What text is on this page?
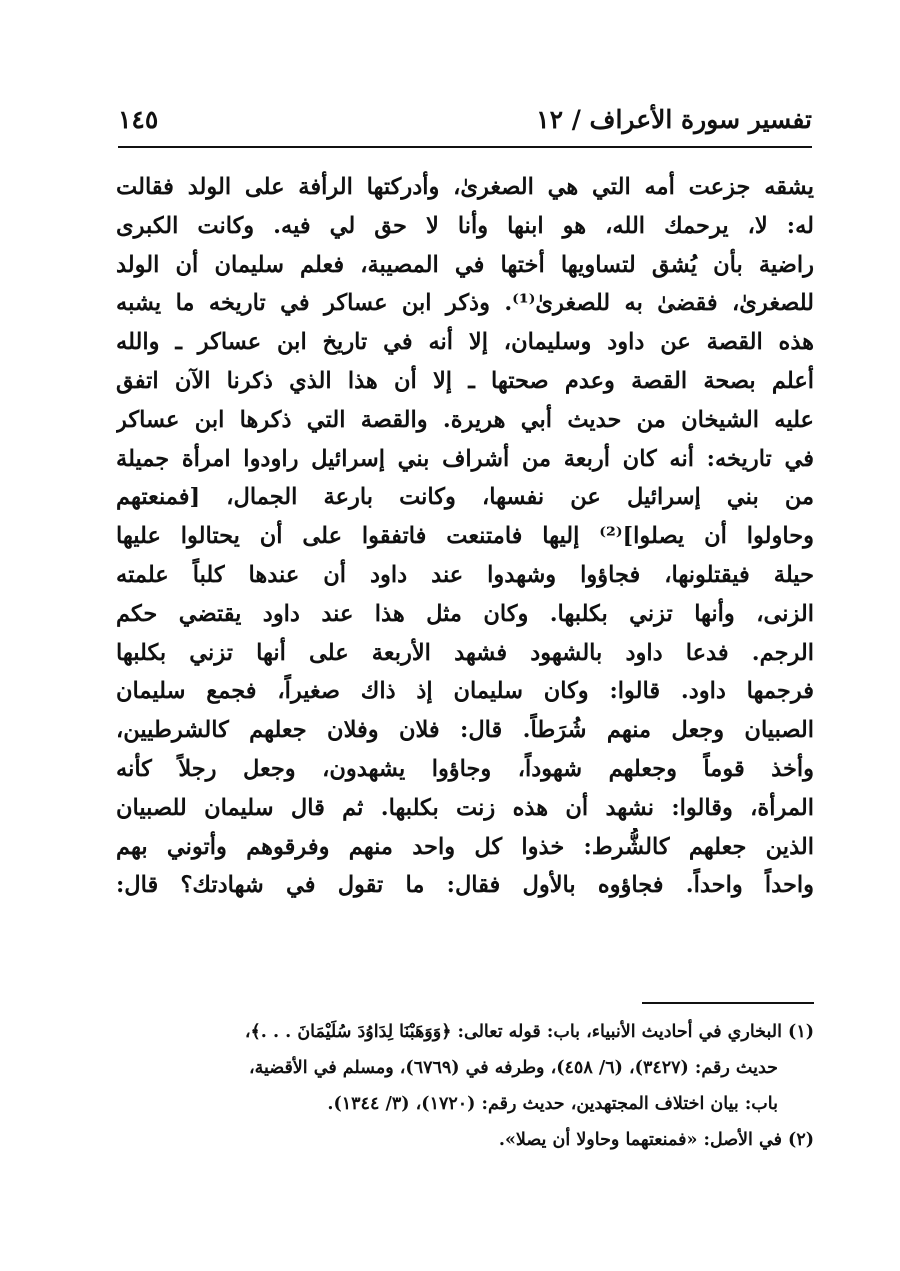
تفسير سورة الأعراف / ١٢
١٤٥
يشقه جزعت أمه التي هي الصغرىٰ، وأدركتها الرأفة على الولد فقالت
له: لا، يرحمك الله، هو ابنها وأنا لا حق لي فيه. وكانت الكبرى
راضية بأن يُشق لتساويها أختها في المصيبة، فعلم سليمان أن الولد
للصغرىٰ، فقضىٰ به للصغرىٰ⁽¹⁾. وذكر ابن عساكر في تاريخه ما يشبه
هذه القصة عن داود وسليمان، إلا أنه في تاريخ ابن عساكر ـ والله
أعلم بصحة القصة وعدم صحتها ـ إلا أن هذا الذي ذكرنا الآن اتفق
عليه الشيخان من حديث أبي هريرة. والقصة التي ذكرها ابن عساكر
في تاريخه: أنه كان أربعة من أشراف بني إسرائيل راودوا امرأة جميلة
من بني إسرائيل عن نفسها، وكانت بارعة الجمال، [فمنعتهم
وحاولوا أن يصلوا]⁽²⁾ إليها فامتنعت فاتفقوا على أن يحتالوا عليها
حيلة فيقتلونها، فجاؤوا وشهدوا عند داود أن عندها كلباً علمته
الزنى، وأنها تزني بكلبها. وكان مثل هذا عند داود يقتضي حكم
الرجم. فدعا داود بالشهود فشهد الأربعة على أنها تزني بكلبها
فرجمها داود. قالوا: وكان سليمان إذ ذاك صغيراً، فجمع سليمان
الصبيان وجعل منهم شُرَطاً. قال: فلان وفلان جعلهم كالشرطيين،
وأخذ قوماً وجعلهم شهوداً، وجاؤوا يشهدون، وجعل رجلاً كأنه
المرأة، وقالوا: نشهد أن هذه زنت بكلبها. ثم قال سليمان للصبيان
الذين جعلهم كالشُّرط: خذوا كل واحد منهم وفرقوهم وأتوني بهم
واحداً واحداً. فجاؤوه بالأول فقال: ما تقول في شهادتك؟ قال:
(١) البخاري في أحاديث الأنبياء، باب: قوله تعالى: ﴿وَوَهَبْنَا لِدَاوُدَ سُلَيْمَانَ . . .﴾،
حديث رقم: (٣٤٢٧)، (٦/ ٤٥٨)، وطرفه في (٦٧٦٩)، ومسلم في الأقضية،
باب: بيان اختلاف المجتهدين، حديث رقم: (١٧٢٠)، (٣/ ١٣٤٤).
(٢) في الأصل: «فمنعتهما وحاولا أن يصلا».
